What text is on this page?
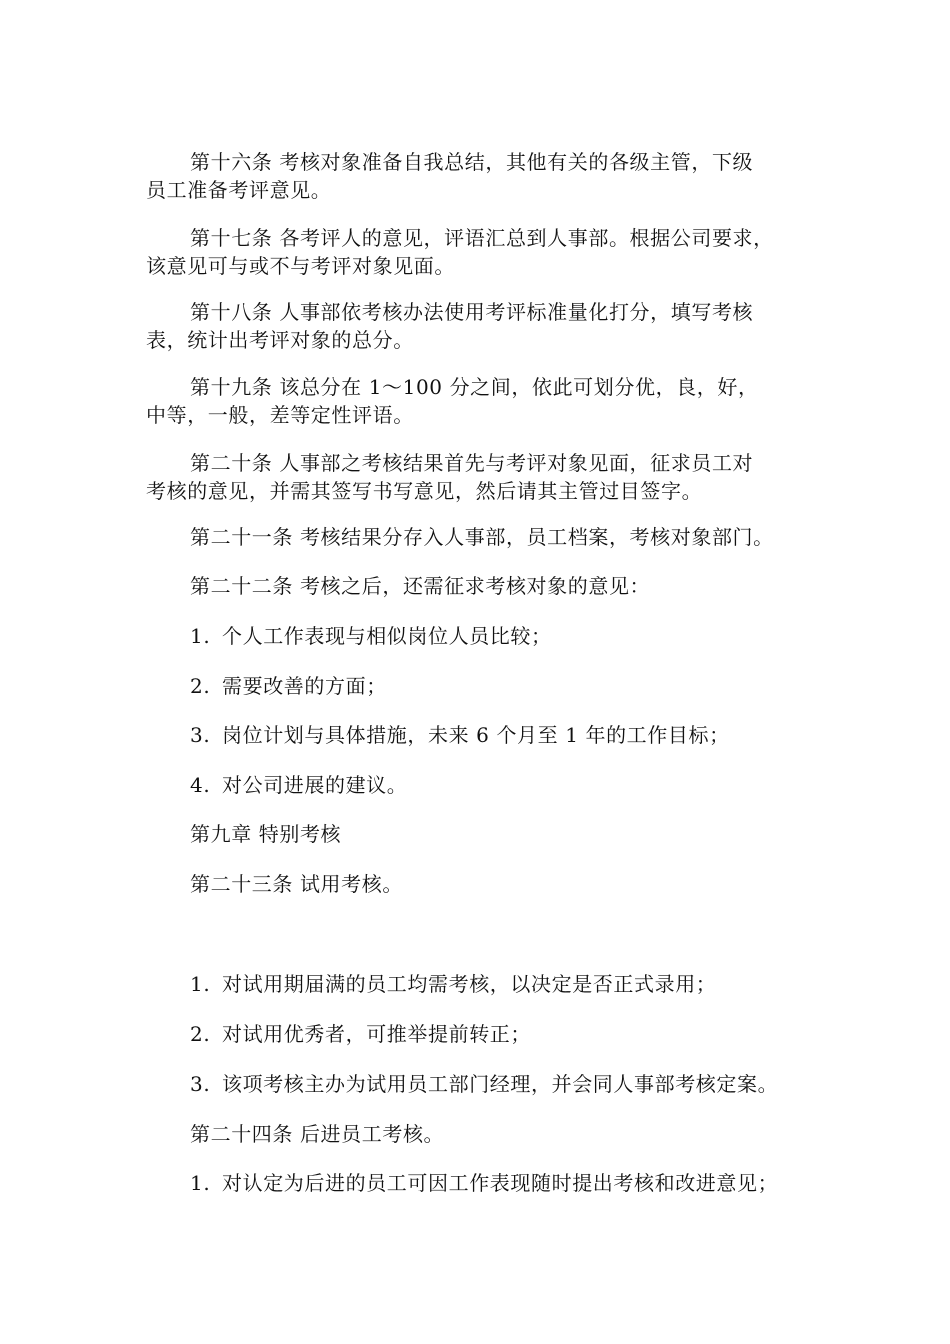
第十六条 考核对象准备自我总结，其他有关的各级主管，下级
员工准备考评意见。
第十七条 各考评人的意见，评语汇总到人事部。根据公司要求，
该意见可与或不与考评对象见面。
第十八条 人事部依考核办法使用考评标准量化打分，填写考核
表，统计出考评对象的总分。
第十九条 该总分在 1～100 分之间，依此可划分优，良，好，
中等，一般，差等定性评语。
第二十条 人事部之考核结果首先与考评对象见面，征求员工对
考核的意见，并需其签写书写意见，然后请其主管过目签字。
第二十一条 考核结果分存入人事部，员工档案，考核对象部门。
第二十二条 考核之后，还需征求考核对象的意见：
1. 个人工作表现与相似岗位人员比较；
2. 需要改善的方面；
3. 岗位计划与具体措施，未来 6 个月至 1 年的工作目标；
4. 对公司进展的建议。
第九章 特别考核
第二十三条 试用考核。
1. 对试用期届满的员工均需考核，以决定是否正式录用；
2. 对试用优秀者，可推举提前转正；
3. 该项考核主办为试用员工部门经理，并会同人事部考核定案。
第二十四条 后进员工考核。
1. 对认定为后进的员工可因工作表现随时提出考核和改进意见；
